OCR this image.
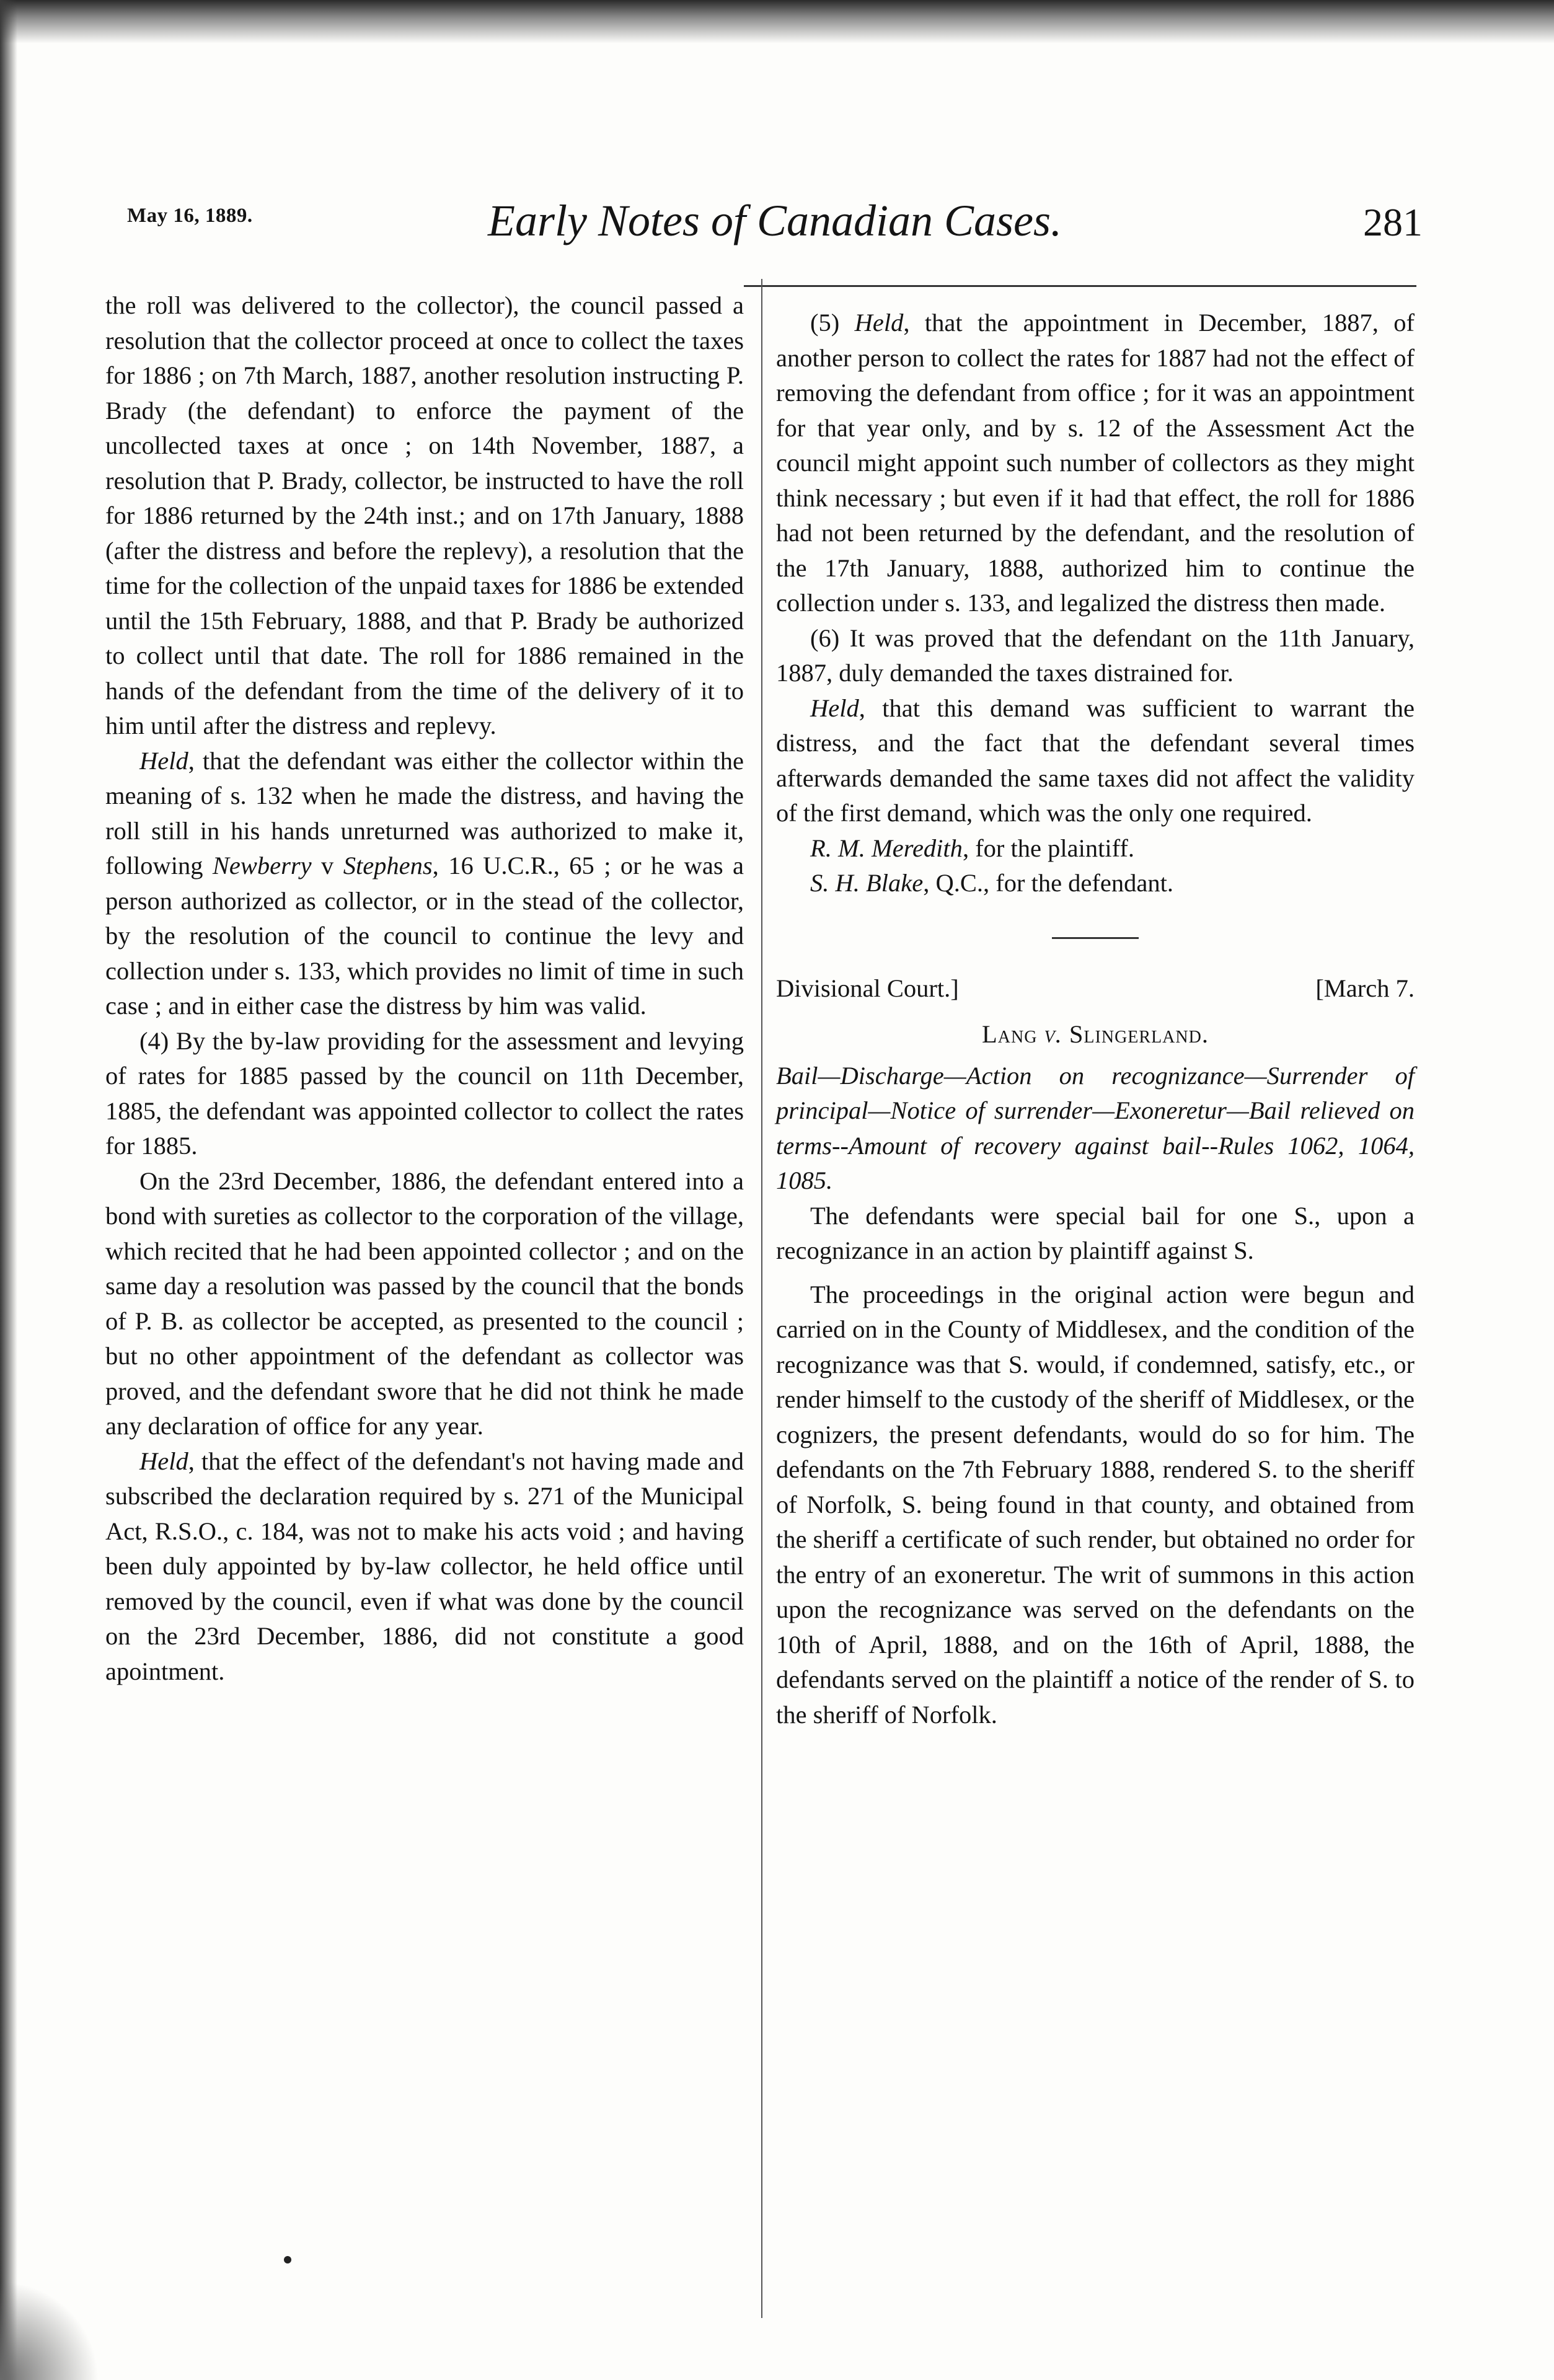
May 16, 1889.	Early Notes of Canadian Cases.	281

the roll was delivered to the collector), the council passed a resolution that the collector proceed at once to collect the taxes for 1886 ; on 7th March, 1887, another resolution instructing P. Brady (the defendant) to enforce the payment of the uncollected taxes at once ; on 14th November, 1887, a resolution that P. Brady, collector, be instructed to have the roll for 1886 returned by the 24th inst.; and on 17th January, 1888 (after the distress and before the replevy), a resolution that the time for the collection of the unpaid taxes for 1886 be extended until the 15th February, 1888, and that P. Brady be authorized to collect until that date. The roll for 1886 remained in the hands of the defendant from the time of the delivery of it to him until after the distress and replevy.

Held, that the defendant was either the collector within the meaning of s. 132 when he made the distress, and having the roll still in his hands unreturned was authorized to make it, following Newberry v Stephens, 16 U.C.R., 65 ; or he was a person authorized as collector, or in the stead of the collector, by the resolution of the council to continue the levy and collection under s. 133, which provides no limit of time in such case ; and in either case the distress by him was valid.

(4) By the by-law providing for the assessment and levying of rates for 1885 passed by the council on 11th December, 1885, the defendant was appointed collector to collect the rates for 1885.

On the 23rd December, 1886, the defendant entered into a bond with sureties as collector to the corporation of the village, which recited that he had been appointed collector ; and on the same day a resolution was passed by the council that the bonds of P. B. as collector be accepted, as presented to the council ; but no other appointment of the defendant as collector was proved, and the defendant swore that he did not think he made any declaration of office for any year.

Held, that the effect of the defendant's not having made and subscribed the declaration required by s. 271 of the Municipal Act, R.S.O., c. 184, was not to make his acts void ; and having been duly appointed by by-law collector, he held office until removed by the council, even if what was done by the council on the 23rd December, 1886, did not constitute a good apointment.

(5) Held, that the appointment in December, 1887, of another person to collect the rates for 1887 had not the effect of removing the defendant from office ; for it was an appointment for that year only, and by s. 12 of the Assessment Act the council might appoint such number of collectors as they might think necessary ; but even if it had that effect, the roll for 1886 had not been returned by the defendant, and the resolution of the 17th January, 1888, authorized him to continue the collection under s. 133, and legalized the distress then made.

(6) It was proved that the defendant on the 11th January, 1887, duly demanded the taxes distrained for.

Held, that this demand was sufficient to warrant the distress, and the fact that the defendant several times afterwards demanded the same taxes did not affect the validity of the first demand, which was the only one required.

R. M. Meredith, for the plaintiff.

S. H. Blake, Q.C., for the defendant.

Divisional Court.]	[March 7.
Lang v. Slingerland.

Bail—Discharge—Action on recognizance—Surrender of principal—Notice of surrender—Exoneretur—Bail relieved on terms--Amount of recovery against bail--Rules 1062, 1064, 1085.

The defendants were special bail for one S., upon a recognizance in an action by plaintiff against S.

The proceedings in the original action were begun and carried on in the County of Middlesex, and the condition of the recognizance was that S. would, if condemned, satisfy, etc., or render himself to the custody of the sheriff of Middlesex, or the cognizers, the present defendants, would do so for him. The defendants on the 7th February 1888, rendered S. to the sheriff of Norfolk, S. being found in that county, and obtained from the sheriff a certificate of such render, but obtained no order for the entry of an exoneretur. The writ of summons in this action upon the recognizance was served on the defendants on the 10th of April, 1888, and on the 16th of April, 1888, the defendants served on the plaintiff a notice of the render of S. to the sheriff of Norfolk.
